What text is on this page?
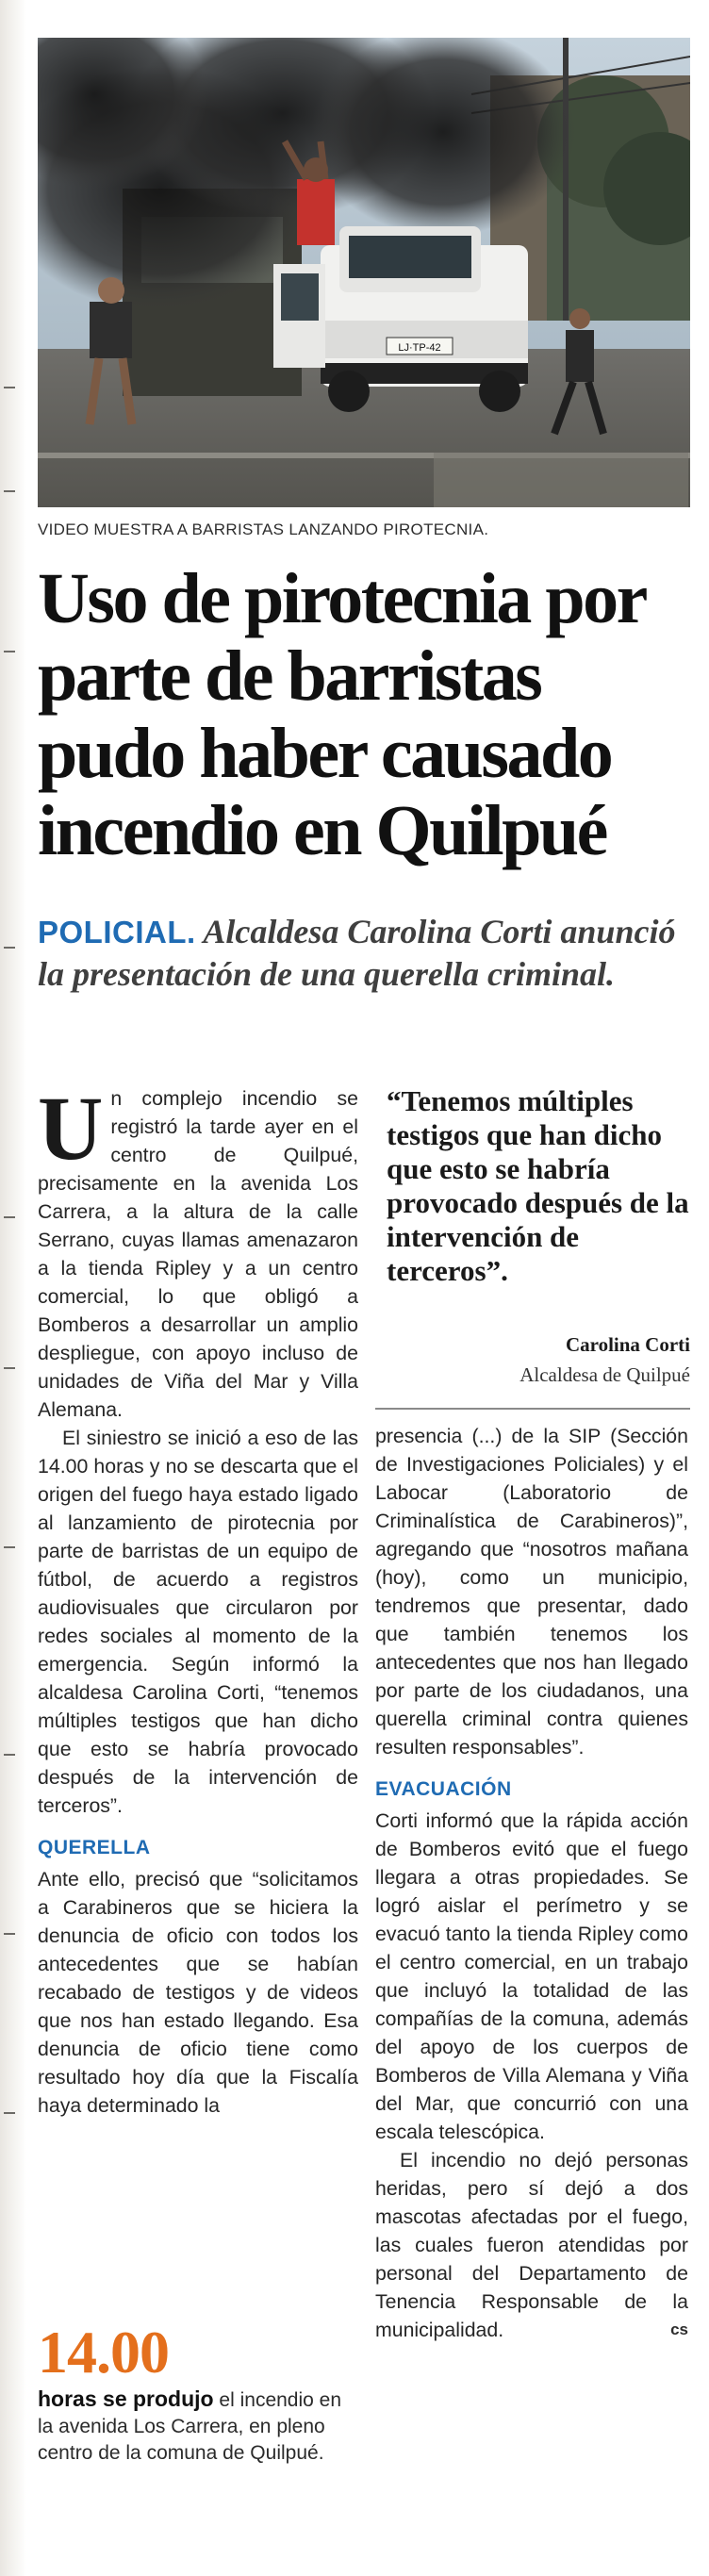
LJ·TP-42
VIDEO MUESTRA A BARRISTAS LANZANDO PIROTECNIA.
Uso de pirotecnia por parte de barristas pudo haber causado incendio en Quilpué

POLICIAL. Alcaldesa Carolina Corti anunció la presentación de una querella criminal.

Un complejo incendio se registró la tarde ayer en el centro de Quilpué, precisamente en la avenida Los Carrera, a la altura de la calle Serrano, cuyas llamas amenazaron a la tienda Ripley y a un centro comercial, lo que obligó a Bomberos a desarrollar un amplio despliegue, con apoyo incluso de unidades de Viña del Mar y Villa Alemana.

El siniestro se inició a eso de las 14.00 horas y no se descarta que el origen del fuego haya estado ligado al lanzamiento de pirotecnia por parte de barristas de un equipo de fútbol, de acuerdo a registros audiovisuales que circularon por redes sociales al momento de la emergencia. Según informó la alcaldesa Carolina Corti, “tenemos múltiples testigos que han dicho que esto se habría provocado después de la intervención de terceros”.

QUERELLA

Ante ello, precisó que “solicitamos a Carabineros que se hiciera la denuncia de oficio con todos los antecedentes que se habían recabado de testigos y de videos que nos han estado llegando. Esa denuncia de oficio tiene como resultado hoy día que la Fiscalía haya determinado la

“Tenemos múltiples testigos que han dicho que esto se habría provocado después de la intervención de terceros”.
Carolina Corti
Alcaldesa de Quilpué

presencia (...) de la SIP (Sección de Investigaciones Policiales) y el Labocar (Laboratorio de Criminalística de Carabineros)”, agregando que “nosotros mañana (hoy), como un municipio, tendremos que presentar, dado que también tenemos los antecedentes que nos han llegado por parte de los ciudadanos, una querella criminal contra quienes resulten responsables”.

EVACUACIÓN

Corti informó que la rápida acción de Bomberos evitó que el fuego llegara a otras propiedades. Se logró aislar el perímetro y se evacuó tanto la tienda Ripley como el centro comercial, en un trabajo que incluyó la totalidad de las compañías de la comuna, además del apoyo de los cuerpos de Bomberos de Villa Alemana y Viña del Mar, que concurrió con una escala telescópica.

El incendio no dejó personas heridas, pero sí dejó a dos mascotas afectadas por el fuego, las cuales fueron atendidas por personal del Departamento de Tenencia Responsable de la municipalidad.	cs

14.00
horas se produjo el incendio en la avenida Los Carrera, en pleno centro de la comuna de Quilpué.
